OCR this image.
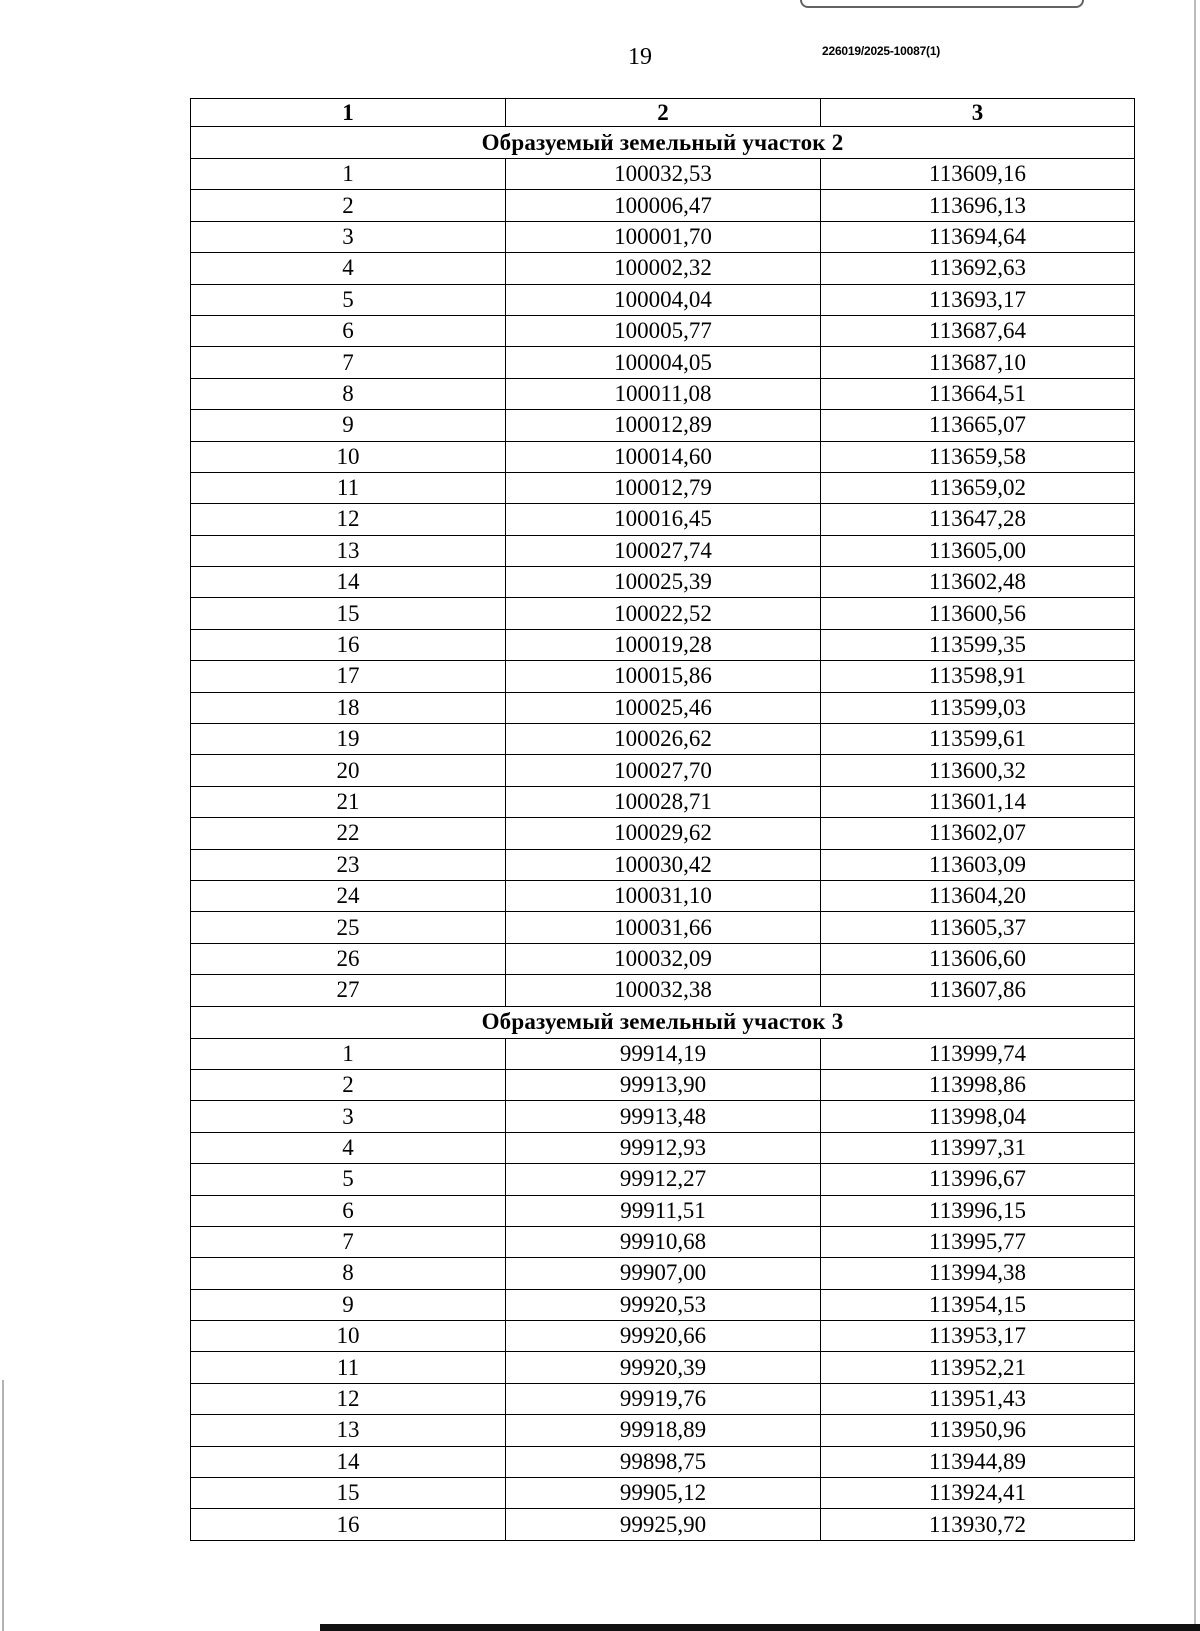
19	226019/2025-10087(1)
1	2	3
Образуемый земельный участок 2		
1	100032,53	113609,16
2	100006,47	113696,13
3	100001,70	113694,64
4	100002,32	113692,63
5	100004,04	113693,17
6	100005,77	113687,64
7	100004,05	113687,10
8	100011,08	113664,51
9	100012,89	113665,07
10	100014,60	113659,58
11	100012,79	113659,02
12	100016,45	113647,28
13	100027,74	113605,00
14	100025,39	113602,48
15	100022,52	113600,56
16	100019,28	113599,35
17	100015,86	113598,91
18	100025,46	113599,03
19	100026,62	113599,61
20	100027,70	113600,32
21	100028,71	113601,14
22	100029,62	113602,07
23	100030,42	113603,09
24	100031,10	113604,20
25	100031,66	113605,37
26	100032,09	113606,60
27	100032,38	113607,86
Образуемый земельный участок 3		
1	99914,19	113999,74
2	99913,90	113998,86
3	99913,48	113998,04
4	99912,93	113997,31
5	99912,27	113996,67
6	99911,51	113996,15
7	99910,68	113995,77
8	99907,00	113994,38
9	99920,53	113954,15
10	99920,66	113953,17
11	99920,39	113952,21
12	99919,76	113951,43
13	99918,89	113950,96
14	99898,75	113944,89
15	99905,12	113924,41
16	99925,90	113930,72
